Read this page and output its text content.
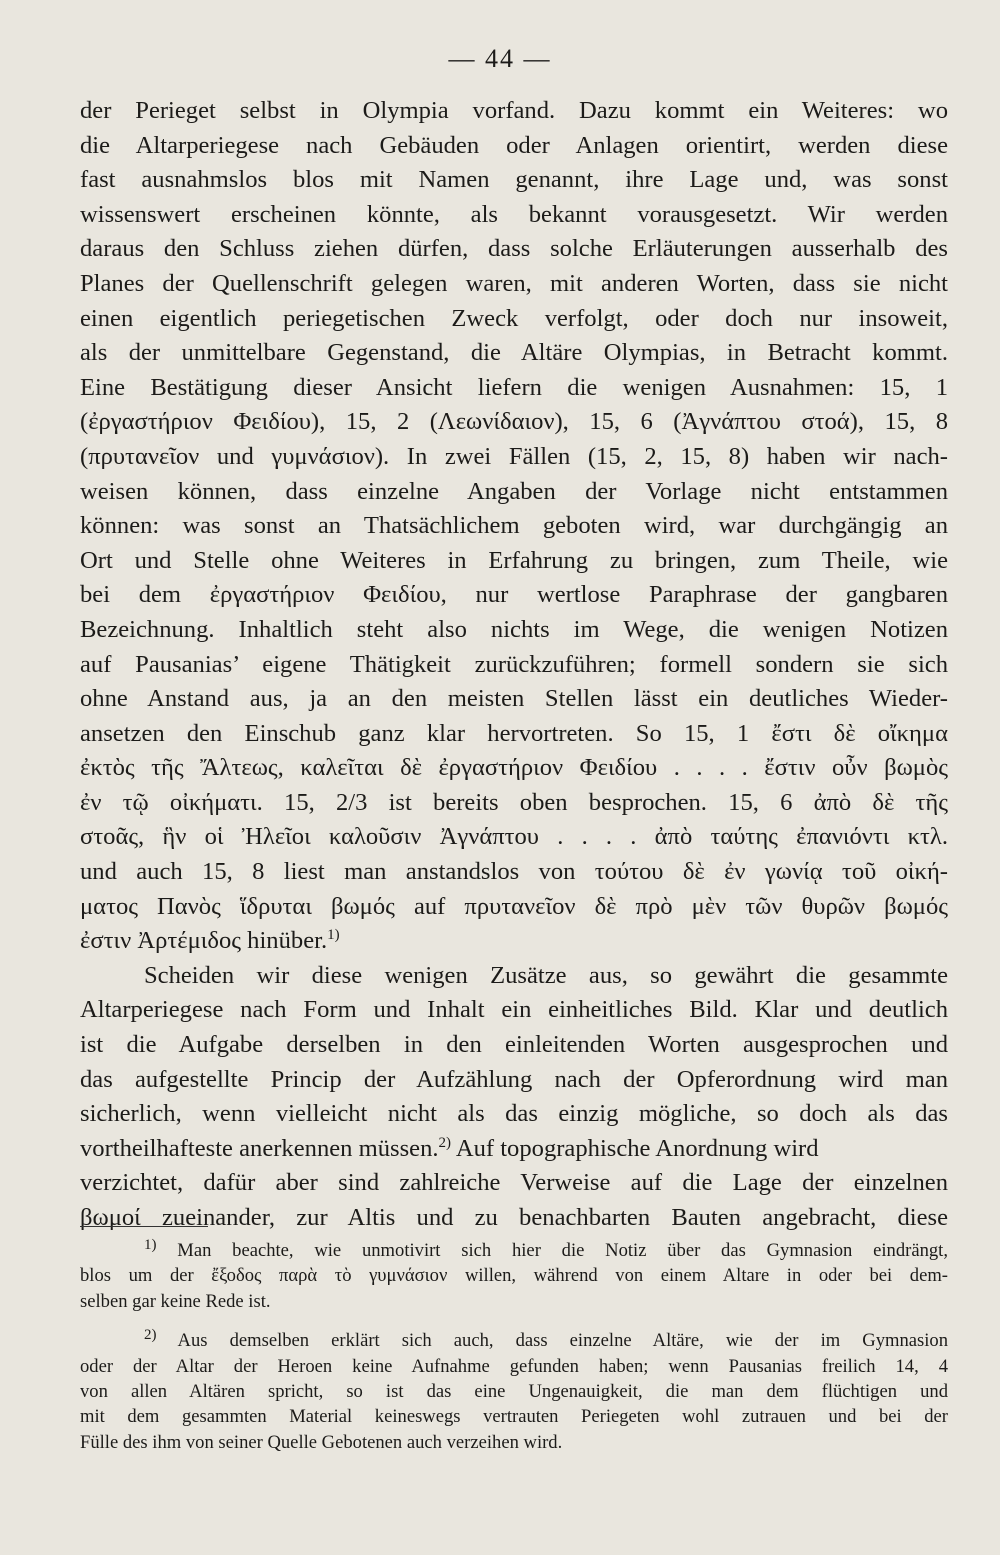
— 44 —
der Perieget selbst in Olympia vorfand. Dazu kommt ein Weiteres: wo
die Altarperiegese nach Gebäuden oder Anlagen orientirt, werden diese
fast ausnahmslos blos mit Namen genannt, ihre Lage und, was sonst
wissenswert erscheinen könnte, als bekannt vorausgesetzt. Wir werden
daraus den Schluss ziehen dürfen, dass solche Erläuterungen ausserhalb des
Planes der Quellenschrift gelegen waren, mit anderen Worten, dass sie nicht
einen eigentlich periegetischen Zweck verfolgt, oder doch nur insoweit,
als der unmittelbare Gegenstand, die Altäre Olympias, in Betracht kommt.
Eine Bestätigung dieser Ansicht liefern die wenigen Ausnahmen: 15, 1
(ἐργαστήριον Φειδίου), 15, 2 (Λεωνίδαιον), 15, 6 (Ἀγνάπτου στοά), 15, 8
(πρυτανεῖον und γυμνάσιον). In zwei Fällen (15, 2, 15, 8) haben wir nach-
weisen können, dass einzelne Angaben der Vorlage nicht entstammen
können: was sonst an Thatsächlichem geboten wird, war durchgängig an
Ort und Stelle ohne Weiteres in Erfahrung zu bringen, zum Theile, wie
bei dem ἐργαστήριον Φειδίου, nur wertlose Paraphrase der gangbaren
Bezeichnung. Inhaltlich steht also nichts im Wege, die wenigen Notizen
auf Pausanias’ eigene Thätigkeit zurückzuführen; formell sondern sie sich
ohne Anstand aus, ja an den meisten Stellen lässt ein deutliches Wieder-
ansetzen den Einschub ganz klar hervortreten. So 15, 1 ἔστι δὲ οἴκημα
ἐκτὸς τῆς Ἄλτεως, καλεῖται δὲ ἐργαστήριον Φειδίου . . . . ἔστιν οὖν βωμὸς
ἐν τῷ οἰκήματι. 15, 2/3 ist bereits oben besprochen. 15, 6 ἀπὸ δὲ τῆς
στοᾶς, ἣν οἱ Ἠλεῖοι καλοῦσιν Ἀγνάπτου . . . . ἀπὸ ταύτης ἐπανιόντι κτλ.
und auch 15, 8 liest man anstandslos von τούτου δὲ ἐν γωνίᾳ τοῦ οἰκή-
ματος Πανὸς ἵδρυται βωμός auf πρυτανεῖον δὲ πρὸ μὲν τῶν θυρῶν βωμός
ἐστιν Ἀρτέμιδος hinüber.$^{1)}$
Scheiden wir diese wenigen Zusätze aus, so gewährt die gesammte
Altarperiegese nach Form und Inhalt ein einheitliches Bild. Klar und deutlich
ist die Aufgabe derselben in den einleitenden Worten ausgesprochen und
das aufgestellte Princip der Aufzählung nach der Opferordnung wird man
sicherlich, wenn vielleicht nicht als das einzig mögliche, so doch als das
vortheilhafteste anerkennen müssen.$^{2)}$ Auf topographische Anordnung wird
verzichtet, dafür aber sind zahlreiche Verweise auf die Lage der einzelnen
βωμοί zueinander, zur Altis und zu benachbarten Bauten angebracht, diese
$^{1)}$ Man beachte, wie unmotivirt sich hier die Notiz über das Gymnasion eindrängt,
blos um der ἔξοδος παρὰ τὸ γυμνάσιον willen, während von einem Altare in oder bei dem-
selben gar keine Rede ist.
$^{2)}$ Aus demselben erklärt sich auch, dass einzelne Altäre, wie der im Gymnasion
oder der Altar der Heroen keine Aufnahme gefunden haben; wenn Pausanias freilich 14, 4
von allen Altären spricht, so ist das eine Ungenauigkeit, die man dem flüchtigen und
mit dem gesammten Material keineswegs vertrauten Periegeten wohl zutrauen und bei der
Fülle des ihm von seiner Quelle Gebotenen auch verzeihen wird.
